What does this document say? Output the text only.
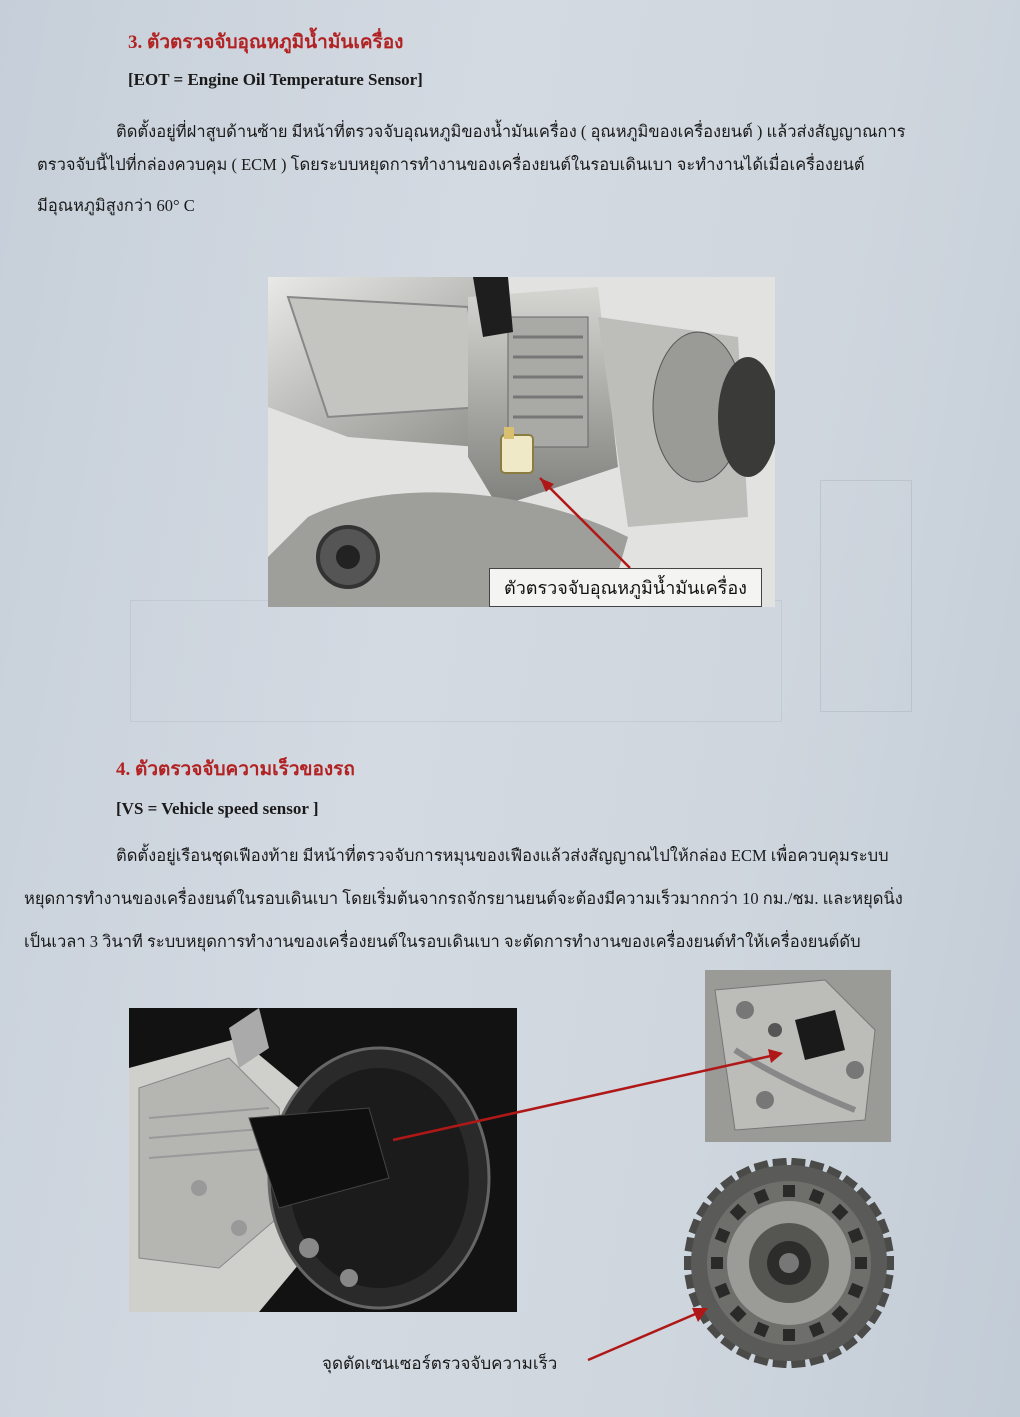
3. ตัวตรวจจับอุณหภูมิน้ำมันเครื่อง
[EOT = Engine Oil Temperature Sensor]
ติดตั้งอยู่ที่ฝาสูบด้านซ้าย มีหน้าที่ตรวจจับอุณหภูมิของน้ำมันเครื่อง ( อุณหภูมิของเครื่องยนต์ ) แล้วส่งสัญญาณการ
ตรวจจับนี้ไปที่กล่องควบคุม ( ECM ) โดยระบบหยุดการทำงานของเครื่องยนต์ในรอบเดินเบา จะทำงานได้เมื่อเครื่องยนต์
มีอุณหภูมิสูงกว่า 60° C
ตัวตรวจจับอุณหภูมิน้ำมันเครื่อง
4. ตัวตรวจจับความเร็วของรถ
[VS = Vehicle speed sensor ]
ติดตั้งอยู่เรือนชุดเฟืองท้าย มีหน้าที่ตรวจจับการหมุนของเฟืองแล้วส่งสัญญาณไปให้กล่อง ECM เพื่อควบคุมระบบ
หยุดการทำงานของเครื่องยนต์ในรอบเดินเบา โดยเริ่มต้นจากรถจักรยานยนต์จะต้องมีความเร็วมากกว่า 10 กม./ชม. และหยุดนิ่ง
เป็นเวลา 3 วินาที ระบบหยุดการทำงานของเครื่องยนต์ในรอบเดินเบา จะตัดการทำงานของเครื่องยนต์ทำให้เครื่องยนต์ดับ
จุดตัดเซนเซอร์ตรวจจับความเร็ว
